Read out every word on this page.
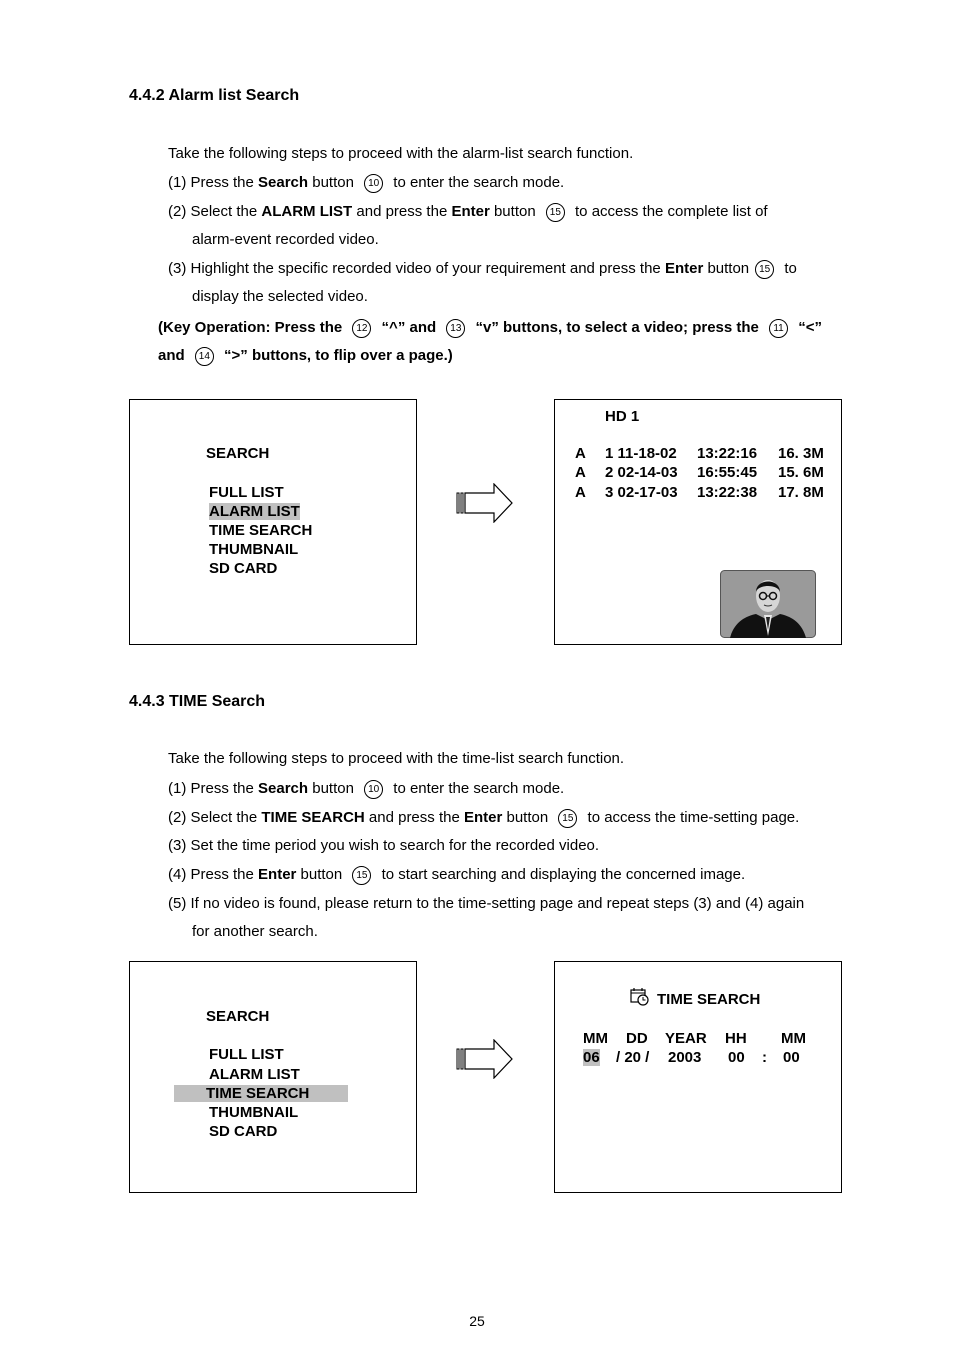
4.4.2 Alarm list Search
Take the following steps to proceed with the alarm-list search function.
(1) Press the Search button 10 to enter the search mode.
(2) Select the ALARM LIST and press the Enter button 15 to access the complete list of
alarm-event recorded video.
(3) Highlight the specific recorded video of your requirement and press the Enter button 15 to
display the selected video.
(Key Operation: Press the 12 “^” and 13 “v” buttons, to select a video; press the 11 “<”
and 14 “>” buttons, to flip over a page.)
SEARCH
FULL LIST
ALARM LIST
TIME SEARCH
THUMBNAIL
SD CARD
HD 1
A 1 11-18-02 13:22:16 16. 3M
A 2 02-14-03 16:55:45 15. 6M
A 3 02-17-03 13:22:38 17. 8M
4.4.3 TIME Search
Take the following steps to proceed with the time-list search function.
(1) Press the Search button 10 to enter the search mode.
(2) Select the TIME SEARCH and press the Enter button 15 to access the time-setting page.
(3) Set the time period you wish to search for the recorded video.
(4) Press the Enter button 15 to start searching and displaying the concerned image.
(5) If no video is found, please return to the time-setting page and repeat steps (3) and (4) again
for another search.
SEARCH
FULL LIST
ALARM LIST
TIME SEARCH
THUMBNAIL
SD CARD
TIME SEARCH
MM DD YEAR HH MM
06 / 20 / 2003 00 : 00
25
